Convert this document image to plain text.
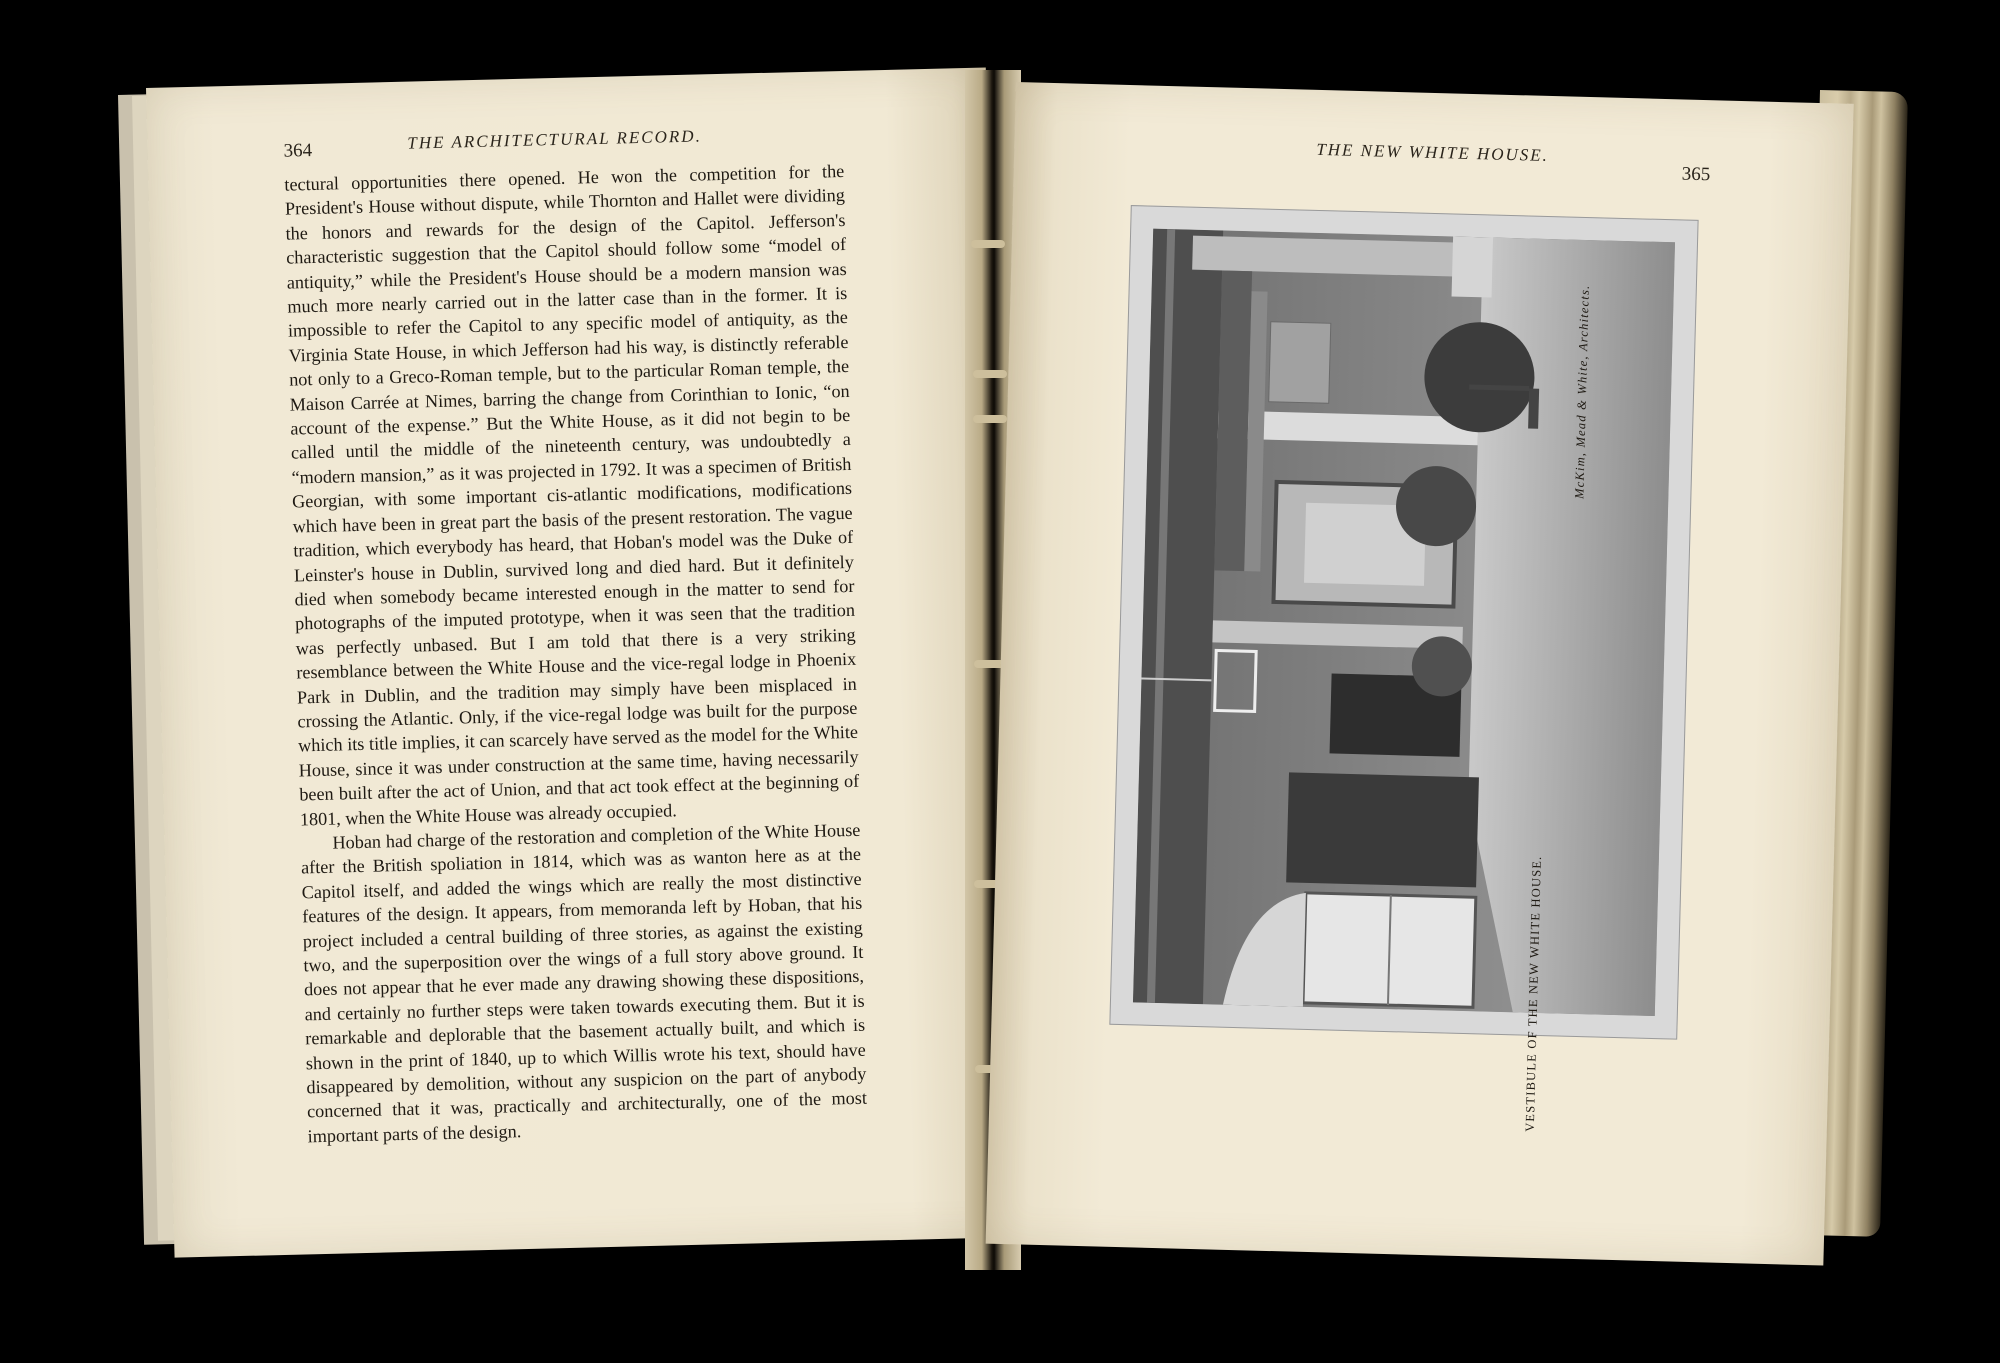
364	THE ARCHITECTURAL RECORD.

tectural opportunities there opened. He won the competition for the President's House without dispute, while Thornton and Hallet were dividing the honors and rewards for the design of the Capitol. Jefferson's characteristic suggestion that the Capitol should follow some “model of antiquity,” while the President's House should be a modern mansion was much more nearly carried out in the latter case than in the former. It is impossible to refer the Capitol to any specific model of antiquity, as the Virginia State House, in which Jefferson had his way, is distinctly referable not only to a Greco-Roman temple, but to the particular Roman temple, the Maison Carrée at Nimes, barring the change from Corinthian to Ionic, “on account of the expense.” But the White House, as it did not begin to be called until the middle of the nineteenth century, was undoubtedly a “modern mansion,” as it was projected in 1792. It was a specimen of British Georgian, with some important cis-atlantic modifications, modifications which have been in great part the basis of the present restoration. The vague tradition, which everybody has heard, that Hoban's model was the Duke of Leinster's house in Dublin, survived long and died hard. But it definitely died when somebody became interested enough in the matter to send for photographs of the imputed prototype, when it was seen that the tradition was perfectly unbased. But I am told that there is a very striking resemblance between the White House and the vice-regal lodge in Phoenix Park in Dublin, and the tradition may simply have been misplaced in crossing the Atlantic. Only, if the vice-regal lodge was built for the purpose which its title implies, it can scarcely have served as the model for the White House, since it was under construction at the same time, having necessarily been built after the act of Union, and that act took effect at the beginning of 1801, when the White House was already occupied.

Hoban had charge of the restoration and completion of the White House after the British spoliation in 1814, which was as wanton here as at the Capitol itself, and added the wings which are really the most distinctive features of the design. It appears, from memoranda left by Hoban, that his project included a central building of three stories, as against the existing two, and the superposition over the wings of a full story above ground. It does not appear that he ever made any drawing showing these dispositions, and certainly no further steps were taken towards executing them. But it is remarkable and deplorable that the basement actually built, and which is shown in the print of 1840, up to which Willis wrote his text, should have disappeared by demolition, without any suspicion on the part of anybody concerned that it was, practically and architecturally, one of the most important parts of the design.

THE NEW WHITE HOUSE.
365
VESTIBULE OF THE NEW WHITE HOUSE.
McKim, Mead & White, Architects.
